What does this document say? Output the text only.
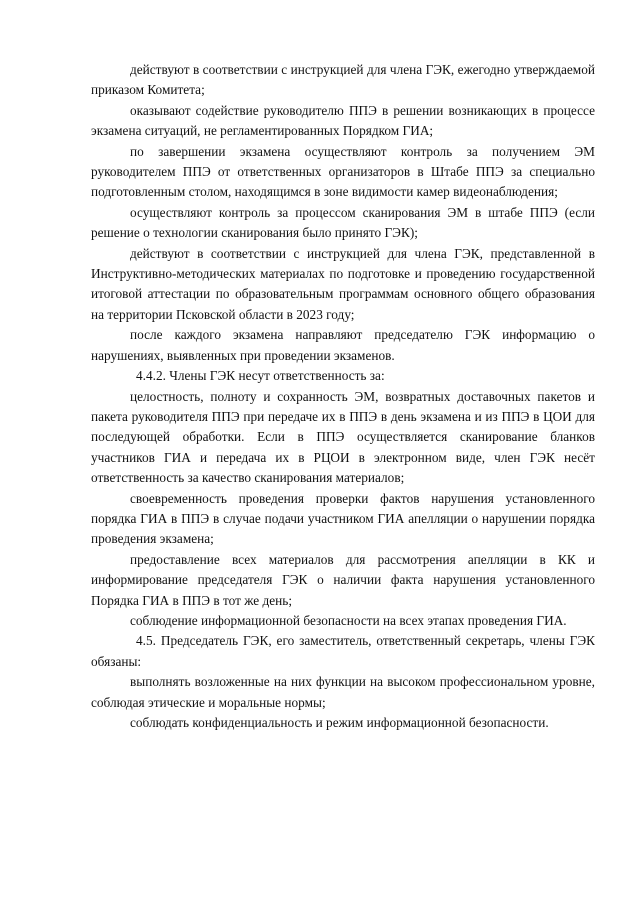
действуют в соответствии с инструкцией для члена ГЭК, ежегодно утверждаемой приказом Комитета;

оказывают содействие руководителю ППЭ в решении возникающих в процессе экзамена ситуаций, не регламентированных Порядком ГИА;

по завершении экзамена осуществляют контроль за получением ЭМ руководителем ППЭ от ответственных организаторов в Штабе ППЭ за специально подготовленным столом, находящимся в зоне видимости камер видеонаблюдения;

осуществляют контроль за процессом сканирования ЭМ в штабе ППЭ (если решение о технологии сканирования было принято ГЭК);

действуют в соответствии с инструкцией для члена ГЭК, представленной в Инструктивно-методических материалах по подготовке и проведению государственной итоговой аттестации по образовательным программам основного общего образования на территории Псковской области в 2023 году;

после каждого экзамена направляют председателю ГЭК информацию о нарушениях, выявленных при проведении экзаменов.

4.4.2. Члены ГЭК несут ответственность за:

целостность, полноту и сохранность ЭМ, возвратных доставочных пакетов и пакета руководителя ППЭ при передаче их в ППЭ в день экзамена и из ППЭ в ЦОИ для последующей обработки. Если в ППЭ осуществляется сканирование бланков участников ГИА и передача их в РЦОИ в электронном виде, член ГЭК несёт ответственность за качество сканирования материалов;

своевременность проведения проверки фактов нарушения установленного порядка ГИА в ППЭ в случае подачи участником ГИА апелляции о нарушении порядка проведения экзамена;

предоставление всех материалов для рассмотрения апелляции в КК и информирование председателя ГЭК о наличии факта нарушения установленного Порядка ГИА в ППЭ в тот же день;

соблюдение информационной безопасности на всех этапах проведения ГИА.

4.5. Председатель ГЭК, его заместитель, ответственный секретарь, члены ГЭК обязаны:

выполнять возложенные на них функции на высоком профессиональном уровне, соблюдая этические и моральные нормы;

соблюдать конфиденциальность и режим информационной безопасности.
